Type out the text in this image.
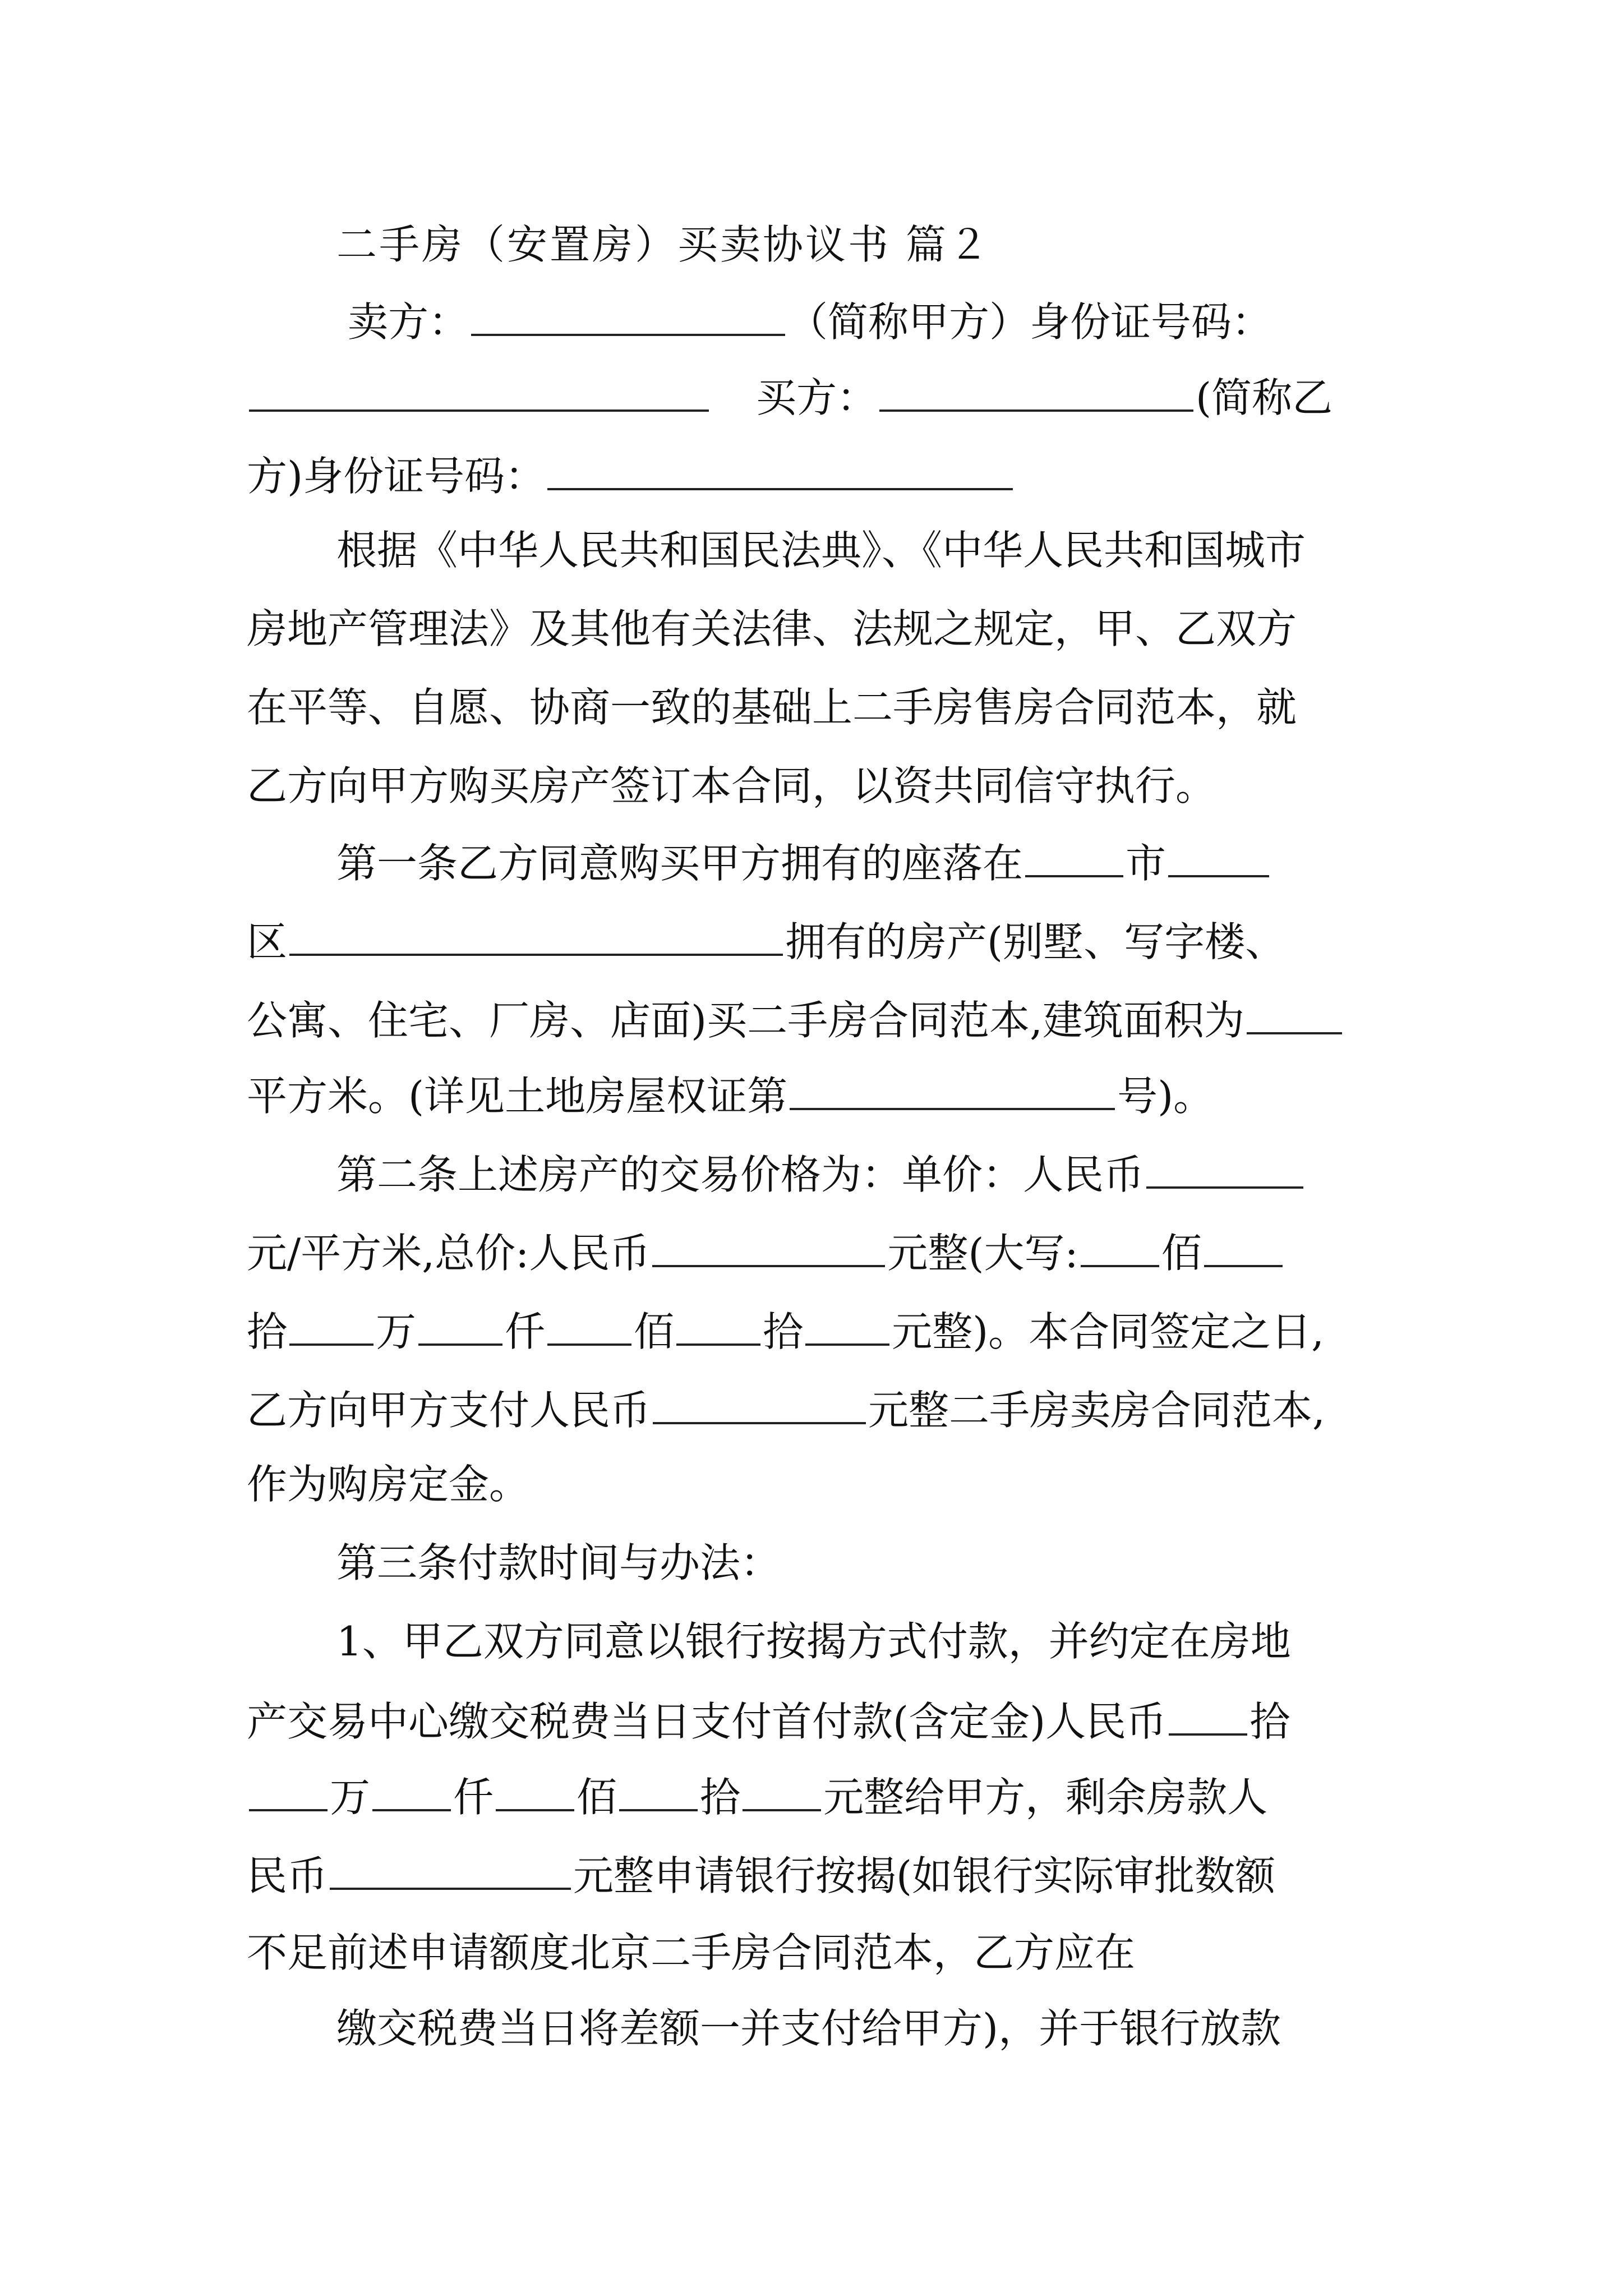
二手房（安置房）买卖协议书 篇２
卖方：	（简称甲方）身份证号码：
买方：	(简称乙
方)身份证号码：
根据《中华人民共和国民法典》、《中华人民共和国城市
房地产管理法》及其他有关法律、法规之规定，甲、乙双方
在平等、自愿、协商一致的基础上二手房售房合同范本，就
乙方向甲方购买房产签订本合同，以资共同信守执行。
第一条乙方同意购买甲方拥有的座落在	市
区	拥有的房产(别墅、写字楼、
公寓、住宅、厂房、店面)买二手房合同范本,建筑面积为
平方米。(详见土地房屋权证第	号)。
第二条上述房产的交易价格为：单价：人民币
元/平方米,总价:人民币	元整(大写: 佰
拾 万 仟 佰 拾 元整)。本合同签定之日,
乙方向甲方支付人民币	元整二手房卖房合同范本,
作为购房定金。
第三条付款时间与办法：
1、甲乙双方同意以银行按揭方式付款，并约定在房地
产交易中心缴交税费当日支付首付款(含定金)人民币 拾
万 仟 佰 拾 元整给甲方，剩余房款人
民币	元整申请银行按揭(如银行实际审批数额
不足前述申请额度北京二手房合同范本，乙方应在
缴交税费当日将差额一并支付给甲方)，并于银行放款
